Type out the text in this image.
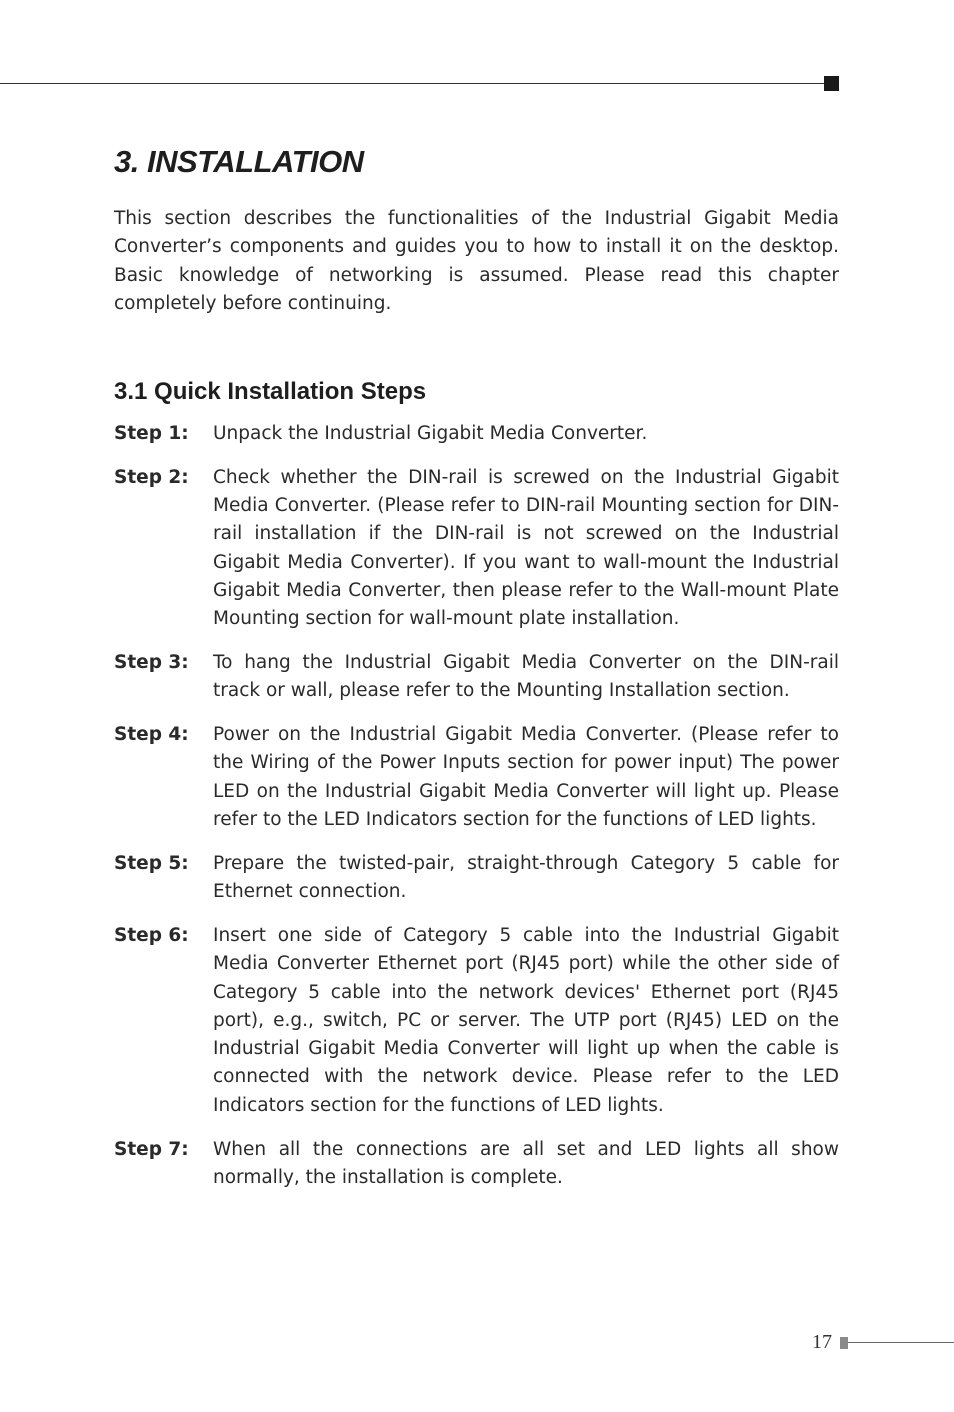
3. INSTALLATION

This section describes the functionalities of the Industrial Gigabit Media Converter’s components and guides you to how to install it on the desktop. Basic knowledge of networking is assumed. Please read this chapter completely before continuing.

3.1 Quick Installation Steps
Step 1:	Unpack the Industrial Gigabit Media Converter.

Step 2:	Check whether the DIN-rail is screwed on the Industrial Gigabit Media Converter. (Please refer to DIN-rail Mounting section for DIN-rail installation if the DIN-rail is not screwed on the Industrial Gigabit Media Converter). If you want to wall-mount the Industrial Gigabit Media Converter, then please refer to the Wall-mount Plate Mounting section for wall-mount plate installation.

Step 3:	To hang the Industrial Gigabit Media Converter on the DIN-rail track or wall, please refer to the Mounting Installation section.

Step 4:	Power on the Industrial Gigabit Media Converter. (Please refer to the Wiring of the Power Inputs section for power input) The power LED on the Industrial Gigabit Media Converter will light up. Please refer to the LED Indicators section for the functions of LED lights.

Step 5:	Prepare the twisted-pair, straight-through Category 5 cable for Ethernet connection.

Step 6:	Insert one side of Category 5 cable into the Industrial Gigabit Media Converter Ethernet port (RJ45 port) while the other side of Category 5 cable into the network devices' Ethernet port (RJ45 port), e.g., switch, PC or server. The UTP port (RJ45) LED on the Industrial Gigabit Media Converter will light up when the cable is connected with the network device. Please refer to the LED Indicators section for the functions of LED lights.

Step 7:	When all the connections are all set and LED lights all show normally, the installation is complete.

17
